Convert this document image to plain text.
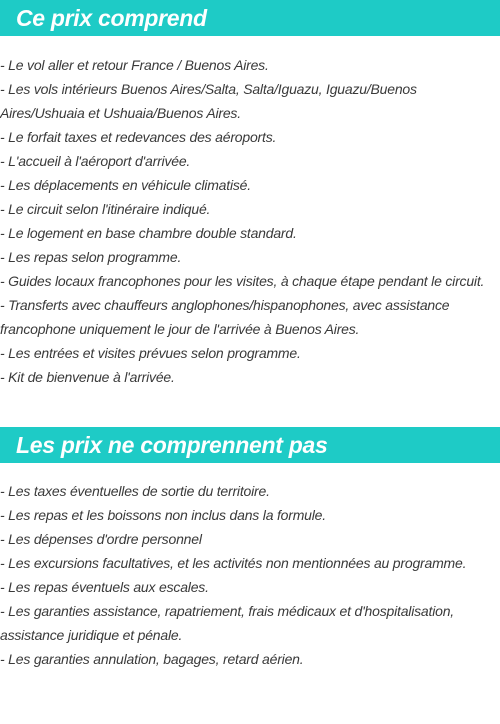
Ce prix comprend
- Le vol aller et retour France / Buenos Aires.
- Les vols intérieurs Buenos Aires/Salta, Salta/Iguazu, Iguazu/Buenos Aires/Ushuaia et Ushuaia/Buenos Aires.
- Le forfait taxes et redevances des aéroports.
- L'accueil à l'aéroport d'arrivée.
- Les déplacements en véhicule climatisé.
- Le circuit selon l'itinéraire indiqué.
- Le logement en base chambre double standard.
- Les repas selon programme.
- Guides locaux francophones pour les visites, à chaque étape pendant le circuit.
- Transferts avec chauffeurs anglophones/hispanophones, avec assistance francophone uniquement le jour de l'arrivée à Buenos Aires.
- Les entrées et visites prévues selon programme.
- Kit de bienvenue à l'arrivée.
Les prix ne comprennent pas
- Les taxes éventuelles de sortie du territoire.
- Les repas et les boissons non inclus dans la formule.
- Les dépenses d'ordre personnel
- Les excursions facultatives, et les activités non mentionnées au programme.
- Les repas éventuels aux escales.
- Les garanties assistance, rapatriement, frais médicaux et d'hospitalisation, assistance juridique et pénale.
- Les garanties annulation, bagages, retard aérien.
